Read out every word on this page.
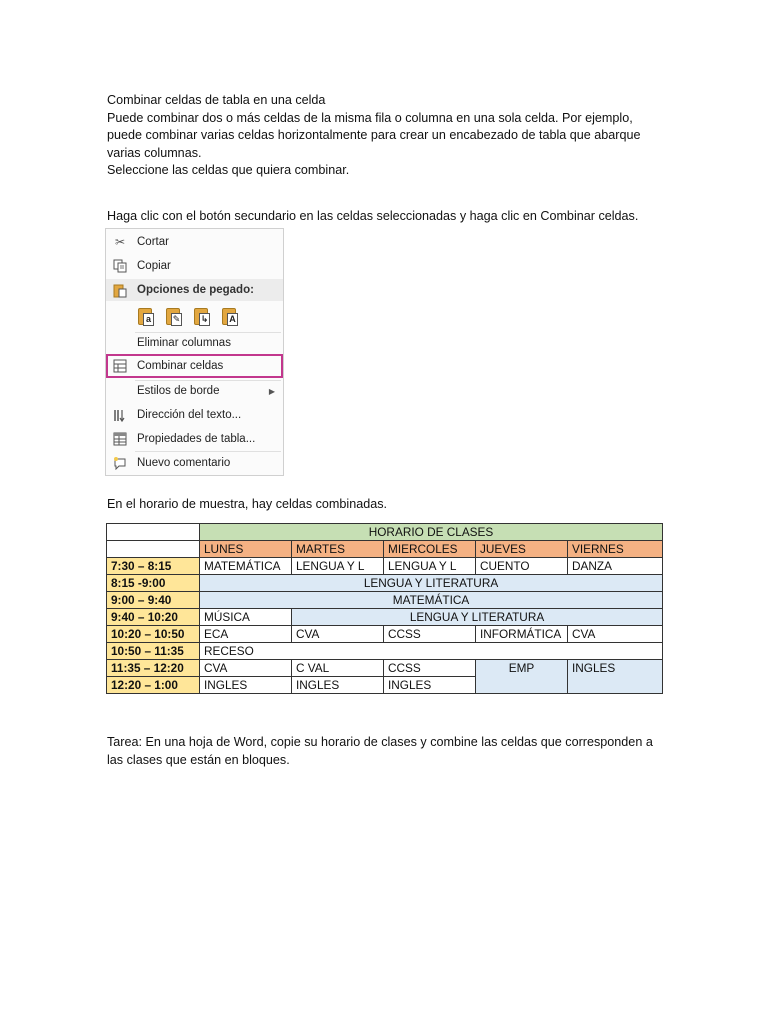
Combinar celdas de tabla en una celda
Puede combinar dos o más celdas de la misma fila o columna en una sola celda. Por ejemplo,
puede combinar varias celdas horizontalmente para crear un encabezado de tabla que abarque
varias columnas.
Seleccione las celdas que quiera combinar.
Haga clic con el botón secundario en las celdas seleccionadas y haga clic en Combinar celdas.
✂ Cortar
Copiar
Opciones de pegado:
a	✎ ↳ A
Eliminar columnas
Combinar celdas
Estilos de borde	▶
Dirección del texto...
Propiedades de tabla...
Nuevo comentario
En el horario de muestra, hay celdas combinadas.
	HORARIO DE CLASES				
	LUNES	MARTES	MIERCOLES	JUEVES	VIERNES
7:30 – 8:15	MATEMÁTICA	LENGUA Y L	LENGUA Y L	CUENTO	DANZA
8:15 -9:00	LENGUA Y LITERATURA				
9:00 – 9:40	MATEMÁTICA				
9:40 – 10:20	MÚSICA	LENGUA Y LITERATURA			
10:20 – 10:50	ECA	CVA	CCSS	INFORMÁTICA	CVA
10:50 – 11:35	RECESO				
11:35 – 12:20	CVA	C VAL	CCSS	EMP	INGLES
12:20 – 1:00	INGLES	INGLES	INGLES		
Tarea: En una hoja de Word, copie su horario de clases y combine las celdas que corresponden a
las clases que están en bloques.
